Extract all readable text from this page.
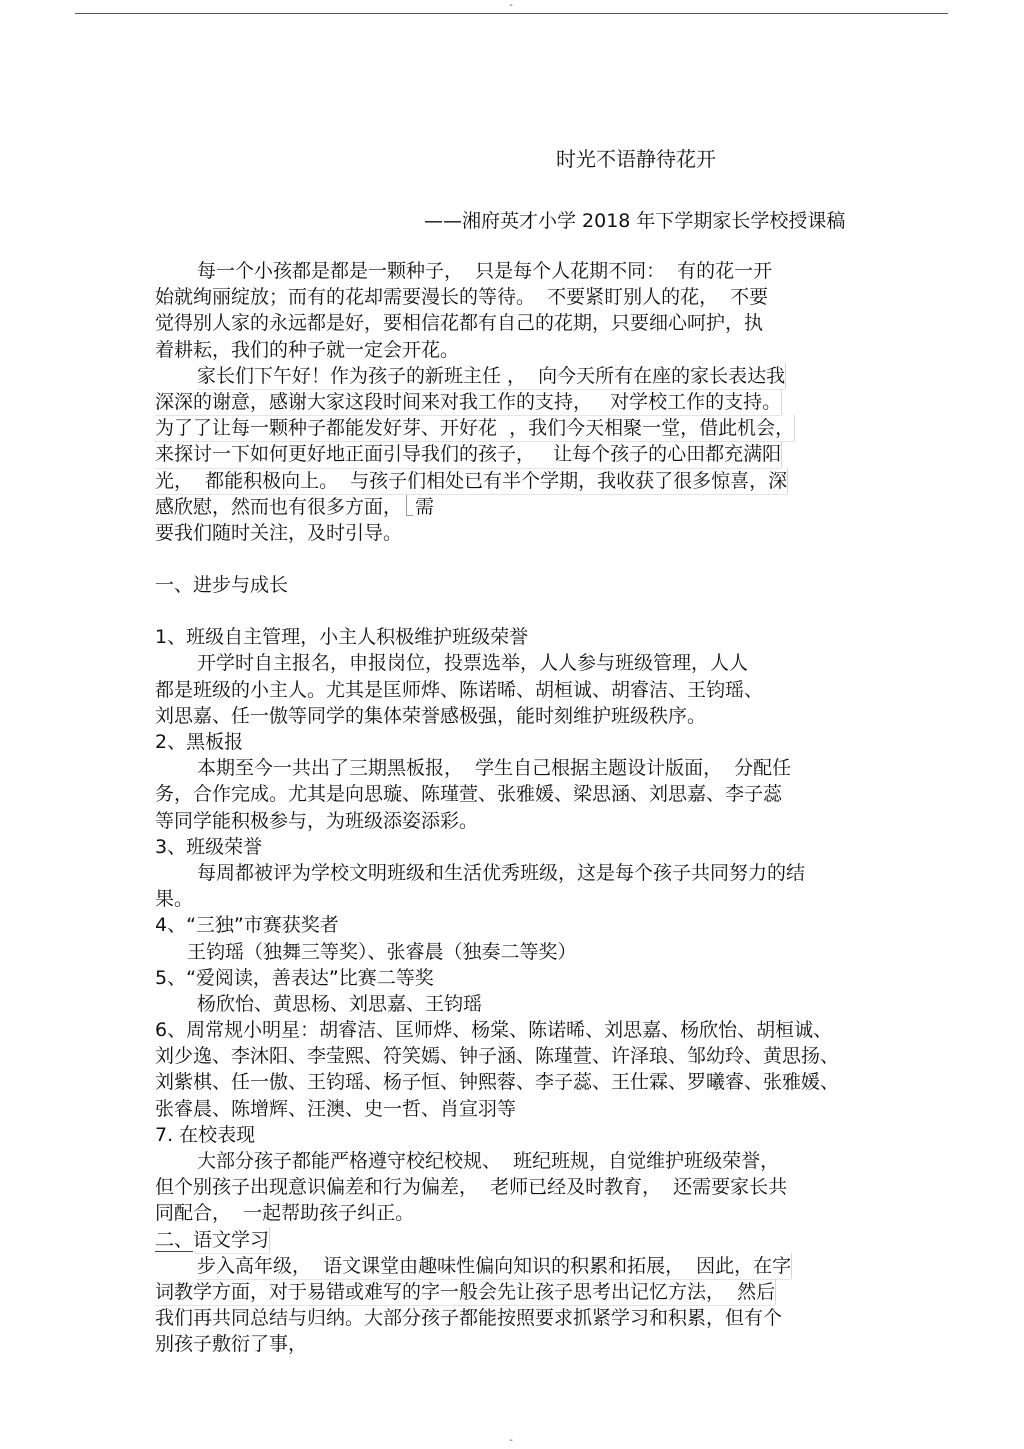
-
时光不语静待花开
——湘府英才小学 2018 年下学期家长学校授课稿
每一个小孩都是都是一颗种子，  只是每个人花期不同：  有的花一开
始就绚丽绽放；而有的花却需要漫长的等待。  不要紧盯别人的花，  不要
觉得别人家的永远都是好，要相信花都有自己的花期，只要细心呵护，执
着耕耘，我们的种子就一定会开花。
家长们下午好！作为孩子的新班主任 ，  向今天所有在座的家长表达我
深深的谢意，感谢大家这段时间来对我工作的支持，   对学校工作的支持。
为了了让每一颗种子都能发好芽、开好花  ，我们今天相聚一堂，借此机会，
来探讨一下如何更好地正面引导我们的孩子，   让每个孩子的心田都充满阳
光，  都能积极向上。  与孩子们相处已有半个学期，我收获了很多惊喜，深
感欣慰，然而也有很多方面， 需
要我们随时关注，及时引导。
一、进步与成长
1、班级自主管理，小主人积极维护班级荣誉
开学时自主报名，申报岗位，投票选举，人人参与班级管理，人人
都是班级的小主人。尤其是匡师烨、陈诺晞、胡桓诚、胡睿洁、王钧瑶、
刘思嘉、任一傲等同学的集体荣誉感极强，能时刻维护班级秩序。
2、黑板报
本期至今一共出了三期黑板报，  学生自己根据主题设计版面，  分配任
务，合作完成。尤其是向思璇、陈瑾萱、张雅媛、梁思涵、刘思嘉、李子蕊
等同学能积极参与，为班级添姿添彩。
3、班级荣誉
每周都被评为学校文明班级和生活优秀班级，这是每个孩子共同努力的结
果。
4、“三独”市赛获奖者
王钧瑶（独舞三等奖）、张睿晨（独奏二等奖）
5、“爱阅读，善表达”比赛二等奖
杨欣怡、黄思杨、刘思嘉、王钧瑶
6、周常规小明星：胡睿洁、匡师烨、杨棠、陈诺晞、刘思嘉、杨欣怡、胡桓诚、
刘少逸、李沐阳、李莹熙、符笑嫣、钟子涵、陈瑾萱、许泽琅、邹幼玲、黄思扬、
刘紫棋、任一傲、王钧瑶、杨子恒、钟熙蓉、李子蕊、王仕霖、罗曦睿、张雅媛、
张睿晨、陈增辉、汪澳、史一哲、肖宣羽等
7. 在校表现
大部分孩子都能严格遵守校纪校规、  班纪班规，自觉维护班级荣誉，
但个别孩子出现意识偏差和行为偏差，  老师已经及时教育，  还需要家长共
同配合，  一起帮助孩子纠正。
二、语文学习
步入高年级，  语文课堂由趣味性偏向知识的积累和拓展，  因此，在字
词教学方面，对于易错或难写的字一般会先让孩子思考出记忆方法，  然后
我们再共同总结与归纳。大部分孩子都能按照要求抓紧学习和积累，但有个
别孩子敷衍了事，
-
